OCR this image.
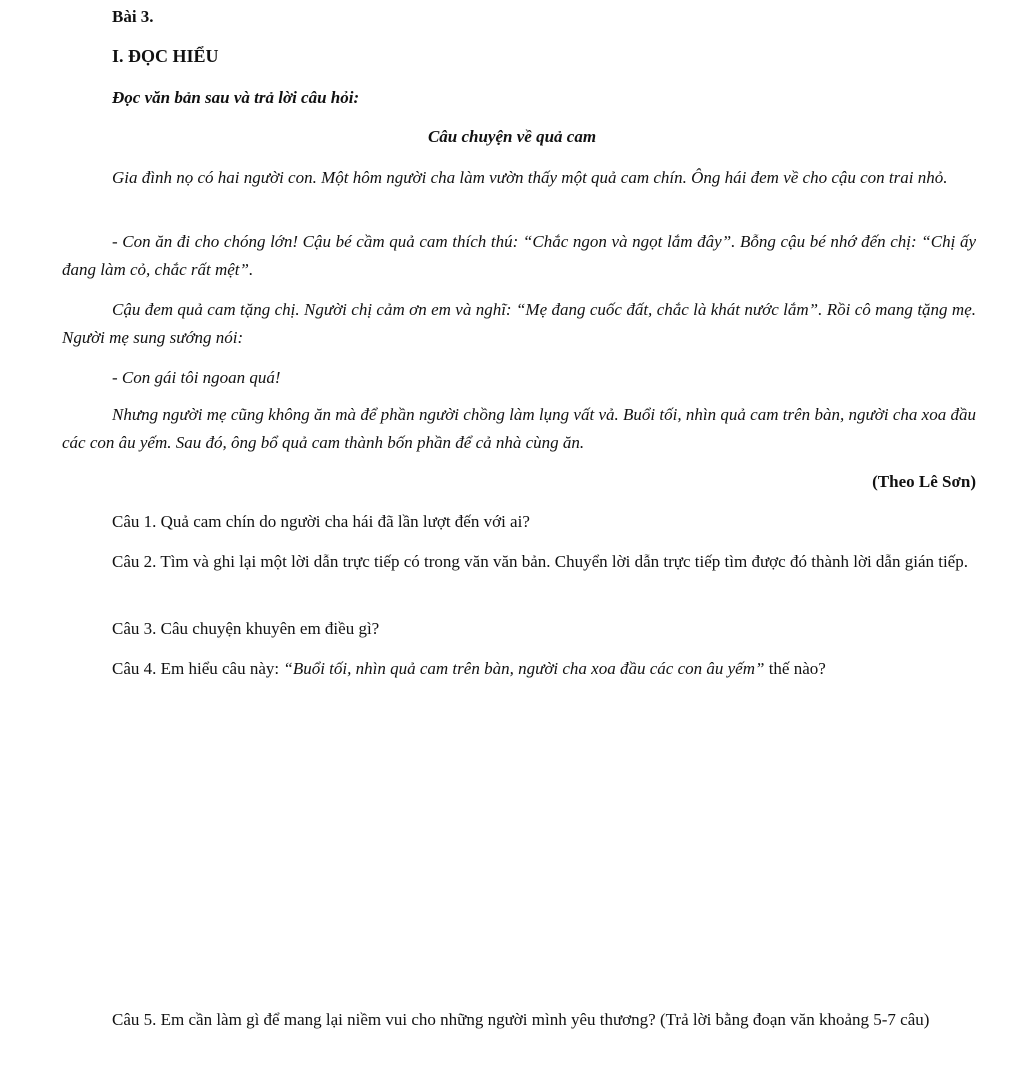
Bài 3.
I. ĐỌC HIỂU
Đọc văn bản sau và trả lời câu hỏi:
Câu chuyện về quả cam
Gia đình nọ có hai người con. Một hôm người cha làm vườn thấy một quả cam chín. Ông hái đem về cho cậu con trai nhỏ.
- Con ăn đi cho chóng lớn! Cậu bé cầm quả cam thích thú: “Chắc ngon và ngọt lắm đây”. Bỗng cậu bé nhớ đến chị: “Chị ấy đang làm cỏ, chắc rất mệt”.
Cậu đem quả cam tặng chị. Người chị cảm ơn em và nghĩ: “Mẹ đang cuốc đất, chắc là khát nước lắm”. Rồi cô mang tặng mẹ. Người mẹ sung sướng nói:
- Con gái tôi ngoan quá!
Nhưng người mẹ cũng không ăn mà để phần người chồng làm lụng vất vả. Buổi tối, nhìn quả cam trên bàn, người cha xoa đầu các con âu yếm. Sau đó, ông bổ quả cam thành bốn phần để cả nhà cùng ăn.
(Theo Lê Sơn)
Câu 1. Quả cam chín do người cha hái đã lần lượt đến với ai?
Câu 2. Tìm và ghi lại một lời dẫn trực tiếp có trong văn văn bản. Chuyển lời dẫn trực tiếp tìm được đó thành lời dẫn gián tiếp.
Câu 3. Câu chuyện khuyên em điều gì?
Câu 4. Em hiểu câu này: “Buổi tối, nhìn quả cam trên bàn, người cha xoa đầu các con âu yếm” thế nào?
Câu 5. Em cần làm gì để mang lại niềm vui cho những người mình yêu thương? (Trả lời bằng đoạn văn khoảng 5-7 câu)
